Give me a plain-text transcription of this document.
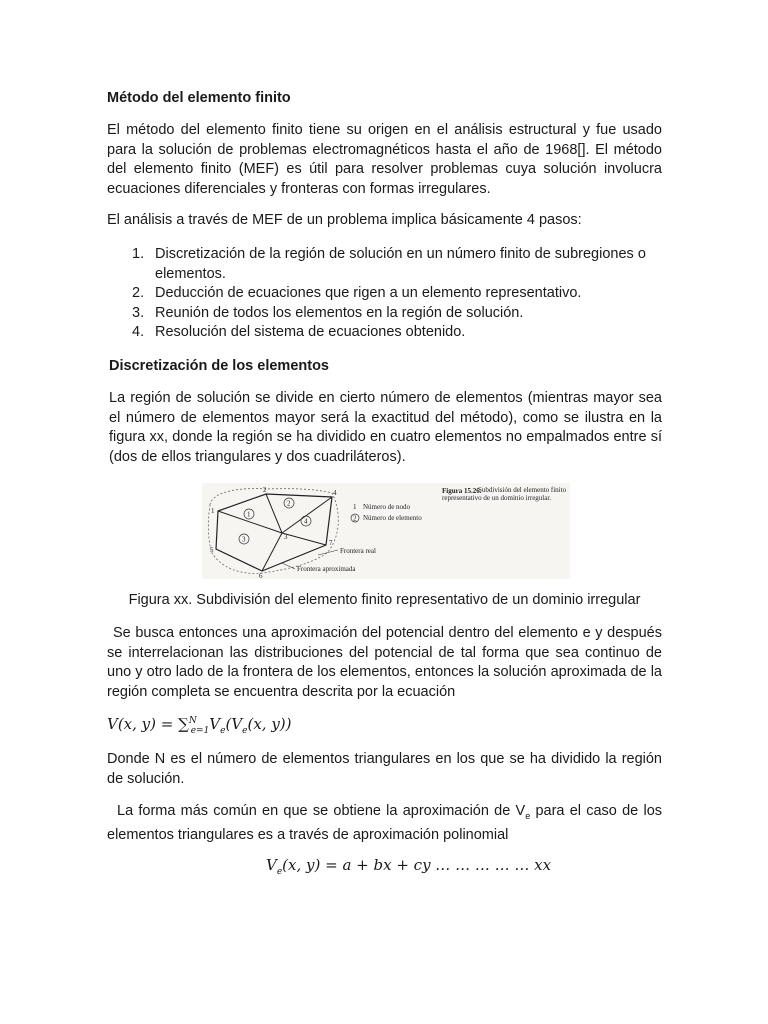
Método del elemento finito

El método del elemento finito tiene su origen en el análisis estructural y fue usado para la solución de problemas electromagnéticos hasta el año de 1968[]. El método del elemento finito (MEF) es útil para resolver problemas cuya solución involucra ecuaciones diferenciales y fronteras con formas irregulares.

El análisis a través de MEF de un problema implica básicamente 4 pasos:

1. Discretización de la región de solución en un número finito de subregiones o elementos.
2. Deducción de ecuaciones que rigen a un elemento representativo.
3. Reunión de todos los elementos en la región de solución.
4. Resolución del sistema de ecuaciones obtenido.
Discretización de los elementos

La región de solución se divide en cierto número de elementos (mientras mayor sea el número de elementos mayor será la exactitud del método), como se ilustra en la figura xx, donde la región se ha dividido en cuatro elementos no empalmados entre sí (dos de ellos triangulares y dos cuadriláteros).

1
2
3
4
5
6
7
1
2
3
4
1 Número de nodo
2 Número de elemento
Frontera real
Frontera aproximada
Figura 15.26.
Subdivisión del elemento finito representativo de un dominio irregular.
Figura xx. Subdivisión del elemento finito representativo de un dominio irregular

Se busca entonces una aproximación del potencial dentro del elemento e y después se interrelacionan las distribuciones del potencial de tal forma que sea continuo de uno y otro lado de la frontera de los elementos, entonces la solución aproximada de la región completa se encuentra descrita por la ecuación

V(x, $y) = \sum^N_{e=1}V_e(V_e(x$, y))

Donde N es el número de elementos triangulares en los que se ha dividido la región de solución.

La forma más común en que se obtiene la aproximación de $V_e$ para el caso de los elementos triangulares es a través de aproximación polinomial

$V_e(x$, y) = a + bx + cy … … … … … xx
